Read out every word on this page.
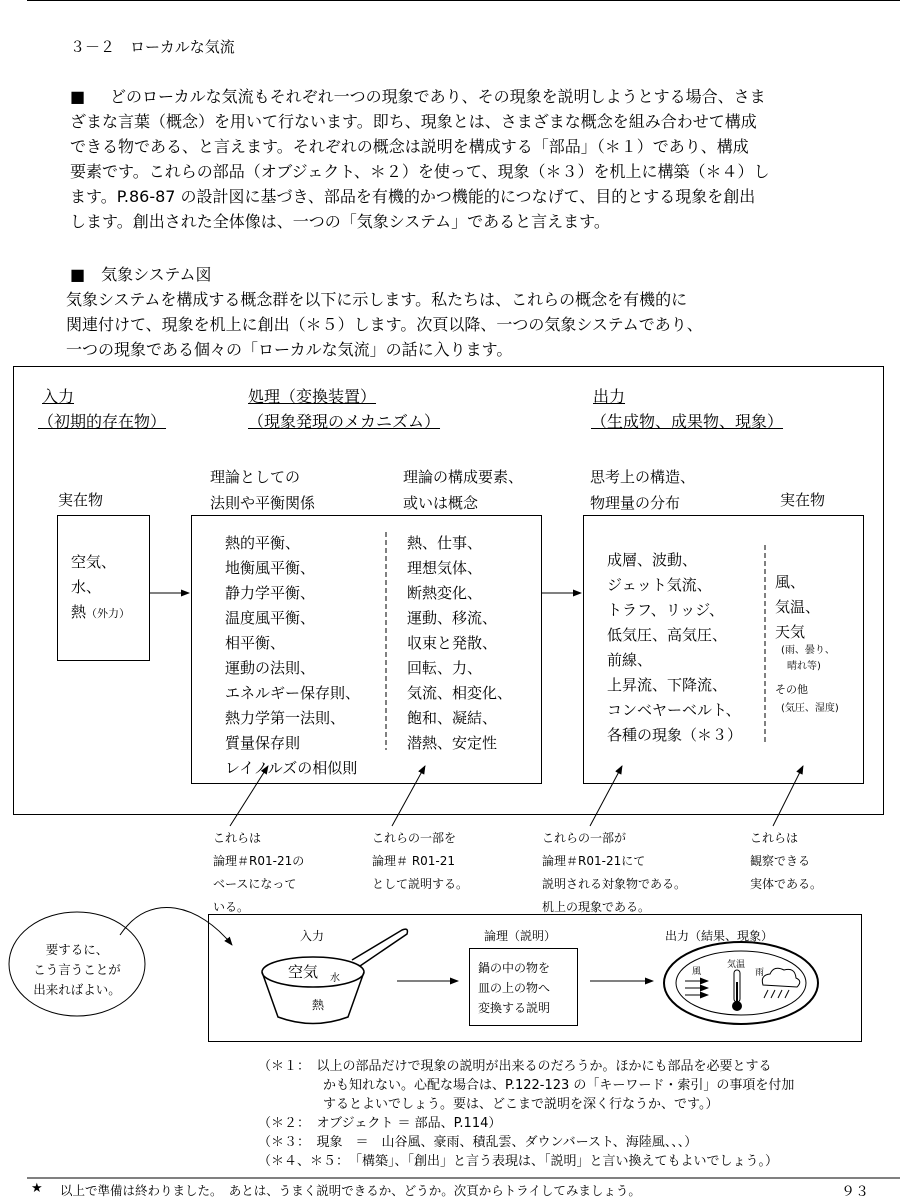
３－２　ローカルな気流
■	どのローカルな気流もそれぞれ一つの現象であり、その現象を説明しようとする場合、さま
ざまな言葉（概念）を用いて行ないます。即ち、現象とは、さまざまな概念を組み合わせて構成
できる物である、と言えます。それぞれの概念は説明を構成する「部品」（＊１）であり、構成
要素です。これらの部品（オブジェクト、＊２）を使って、現象（＊３）を机上に構築（＊４）し
ます。P.86-87 の設計図に基づき、部品を有機的かつ機能的につなげて、目的とする現象を創出
します。創出された全体像は、一つの「気象システム」であると言えます。
■　気象システム図
気象システムを構成する概念群を以下に示します。私たちは、これらの概念を有機的に
関連付けて、現象を机上に創出（＊５）します。次頁以降、一つの気象システムであり、
一つの現象である個々の「ローカルな気流」の話に入ります。
入力
（初期的存在物）
処理（変換装置）
（現象発現のメカニズム）
出力
（生成物、成果物、現象）
実在物
理論としての
法則や平衡関係
理論の構成要素、
或いは概念
思考上の構造、
物理量の分布	実在物
空気、
水、
熱（外力）
熱的平衡、
地衡風平衡、
静力学平衡、
温度風平衡、
相平衡、
運動の法則、
エネルギー保存則、
熱力学第一法則、
質量保存則
レイノルズの相似則
熱、仕事、
理想気体、
断熱変化、
運動、移流、
収束と発散、
回転、力、
気流、相変化、
飽和、凝結、
潜熱、安定性
成層、波動、
ジェット気流、
トラフ、リッジ、
低気圧、高気圧、
前線、
上昇流、下降流、
コンベヤーベルト、
各種の現象（＊３）
風、
気温、
天気
(雨、曇り、
晴れ等)
その他
(気圧、湿度)
これらは
論理＃R01-21の
ベースになって
いる。
これらの一部を
論理＃ R01-21
として説明する。
これらの一部が
論理＃R01-21にて
説明される対象物である。
机上の現象である。
これらは
観察できる
実体である。
要するに、
こう言うことが
出来ればよい。
入力
空気 水
熱
論理（説明）
鍋の中の物を
皿の上の物へ
変換する説明
出力（結果、現象）
風
気温
雨
（＊１：　以上の部品だけで現象の説明が出来るのだろうか。ほかにも部品を必要とする
　　　　　かも知れない。心配な場合は、P.122-123 の「キーワード・索引」の事項を付加
　　　　　するとよいでしょう。要は、どこまで説明を深く行なうか、です。）
（＊２：　オブジェクト ＝ 部品、P.114）
（＊３：　現象　＝　山谷風、豪雨、積乱雲、ダウンバースト、海陸風、、、）
（＊４、＊５：　「構築」、「創出」と言う表現は、「説明」と言い換えてもよいでしょう。）
★ 以上で準備は終わりました。　あとは、うまく説明できるか、どうか。次頁からトライしてみましょう。	９３
